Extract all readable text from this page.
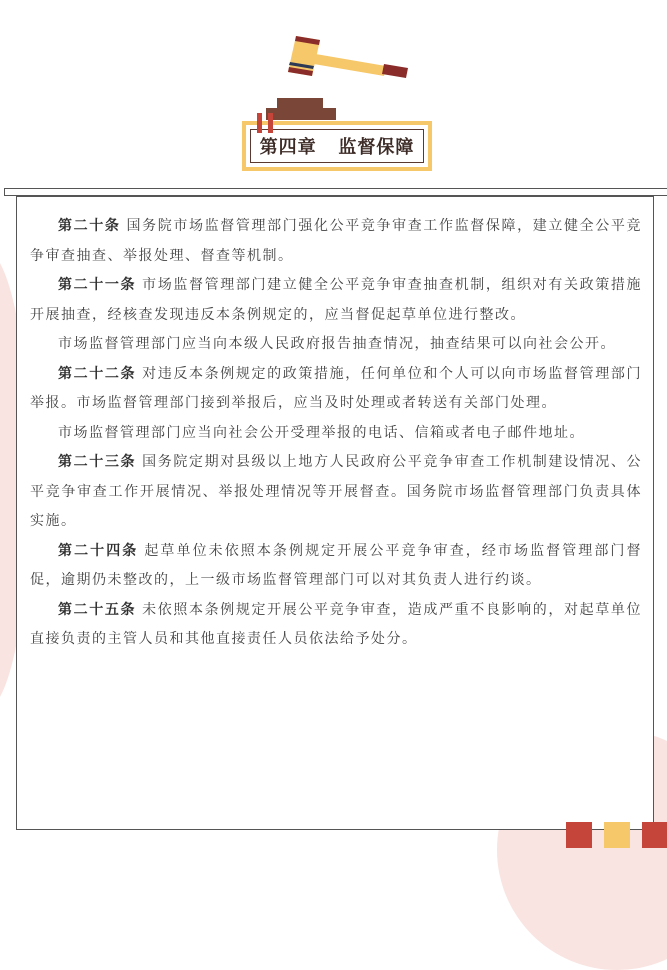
第四章   监督保障

第二十条 国务院市场监督管理部门强化公平竞争审查工作监督保障，建立健全公平竞争审查抽查、举报处理、督查等机制。

第二十一条 市场监督管理部门建立健全公平竞争审查抽查机制，组织对有关政策措施开展抽查，经核查发现违反本条例规定的，应当督促起草单位进行整改。

市场监督管理部门应当向本级人民政府报告抽查情况，抽查结果可以向社会公开。

第二十二条 对违反本条例规定的政策措施，任何单位和个人可以向市场监督管理部门举报。市场监督管理部门接到举报后，应当及时处理或者转送有关部门处理。

市场监督管理部门应当向社会公开受理举报的电话、信箱或者电子邮件地址。

第二十三条 国务院定期对县级以上地方人民政府公平竞争审查工作机制建设情况、公平竞争审查工作开展情况、举报处理情况等开展督查。国务院市场监督管理部门负责具体实施。

第二十四条 起草单位未依照本条例规定开展公平竞争审查，经市场监督管理部门督促，逾期仍未整改的，上一级市场监督管理部门可以对其负责人进行约谈。

第二十五条 未依照本条例规定开展公平竞争审查，造成严重不良影响的，对起草单位直接负责的主管人员和其他直接责任人员依法给予处分。
